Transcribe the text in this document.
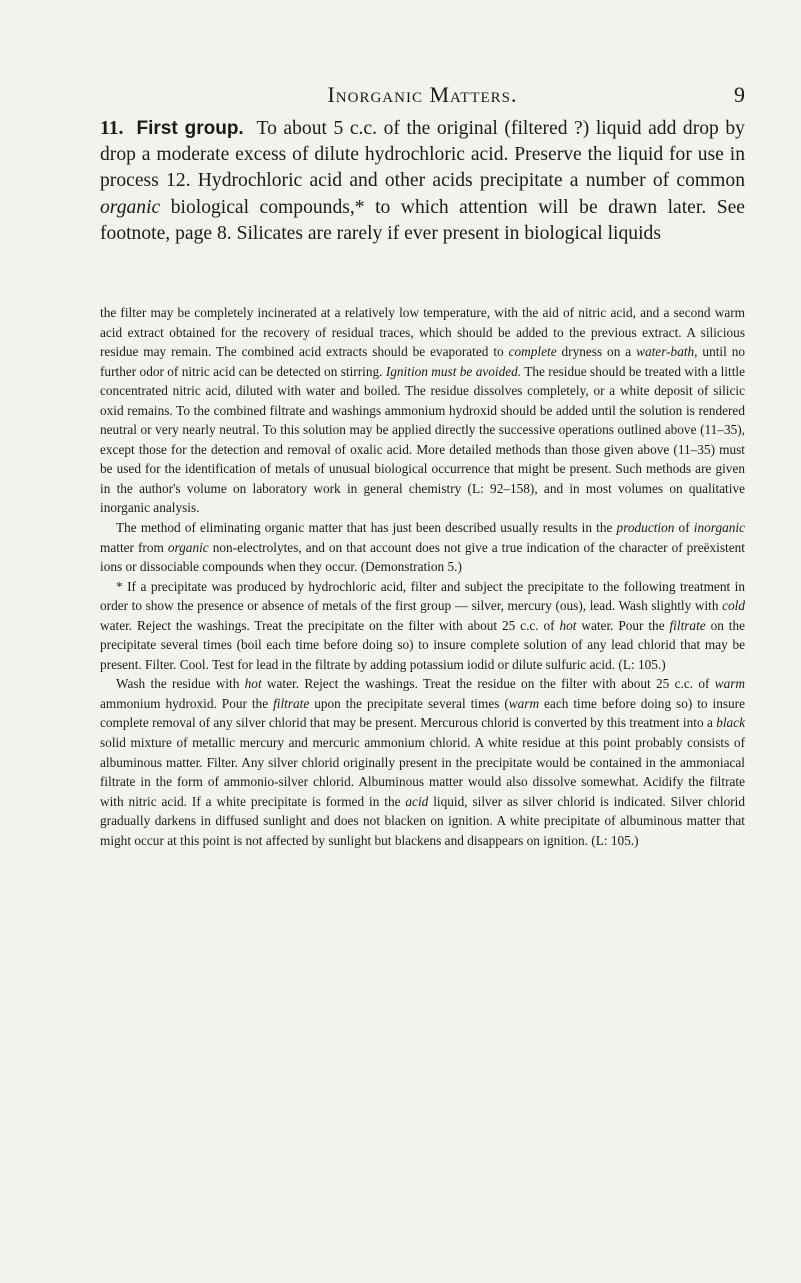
Inorganic Matters.	9

11. First group. To about 5 c.c. of the original (filtered ?) liquid add drop by drop a moderate excess of dilute hydrochloric acid. Preserve the liquid for use in process 12. Hydrochloric acid and other acids precipitate a number of common organic biological compounds,* to which attention will be drawn later. See footnote, page 8. Silicates are rarely if ever present in biological liquids

the filter may be completely incinerated at a relatively low temperature, with the aid of nitric acid, and a second warm acid extract obtained for the recovery of residual traces, which should be added to the previous extract. A silicious residue may remain. The combined acid extracts should be evaporated to complete dryness on a water-bath, until no further odor of nitric acid can be detected on stirring. Ignition must be avoided. The residue should be treated with a little concentrated nitric acid, diluted with water and boiled. The residue dissolves completely, or a white deposit of silicic oxid remains. To the combined filtrate and washings ammonium hydroxid should be added until the solution is rendered neutral or very nearly neutral. To this solution may be applied directly the successive operations outlined above (11–35), except those for the detection and removal of oxalic acid. More detailed methods than those given above (11–35) must be used for the identification of metals of unusual biological occurrence that might be present. Such methods are given in the author's volume on laboratory work in general chemistry (L: 92–158), and in most volumes on qualitative inorganic analysis.

The method of eliminating organic matter that has just been described usually results in the production of inorganic matter from organic non-electrolytes, and on that account does not give a true indication of the character of preëxistent ions or dissociable compounds when they occur. (Demonstration 5.)

* If a precipitate was produced by hydrochloric acid, filter and subject the precipitate to the following treatment in order to show the presence or absence of metals of the first group — silver, mercury (ous), lead. Wash slightly with cold water. Reject the washings. Treat the precipitate on the filter with about 25 c.c. of hot water. Pour the filtrate on the precipitate several times (boil each time before doing so) to insure complete solution of any lead chlorid that may be present. Filter. Cool. Test for lead in the filtrate by adding potassium iodid or dilute sulfuric acid. (L: 105.)

Wash the residue with hot water. Reject the washings. Treat the residue on the filter with about 25 c.c. of warm ammonium hydroxid. Pour the filtrate upon the precipitate several times (warm each time before doing so) to insure complete removal of any silver chlorid that may be present. Mercurous chlorid is converted by this treatment into a black solid mixture of metallic mercury and mercuric ammonium chlorid. A white residue at this point probably consists of albuminous matter. Filter. Any silver chlorid originally present in the precipitate would be contained in the ammoniacal filtrate in the form of ammonio-silver chlorid. Albuminous matter would also dissolve somewhat. Acidify the filtrate with nitric acid. If a white precipitate is formed in the acid liquid, silver as silver chlorid is indicated. Silver chlorid gradually darkens in diffused sunlight and does not blacken on ignition. A white precipitate of albuminous matter that might occur at this point is not affected by sunlight but blackens and disappears on ignition. (L: 105.)
